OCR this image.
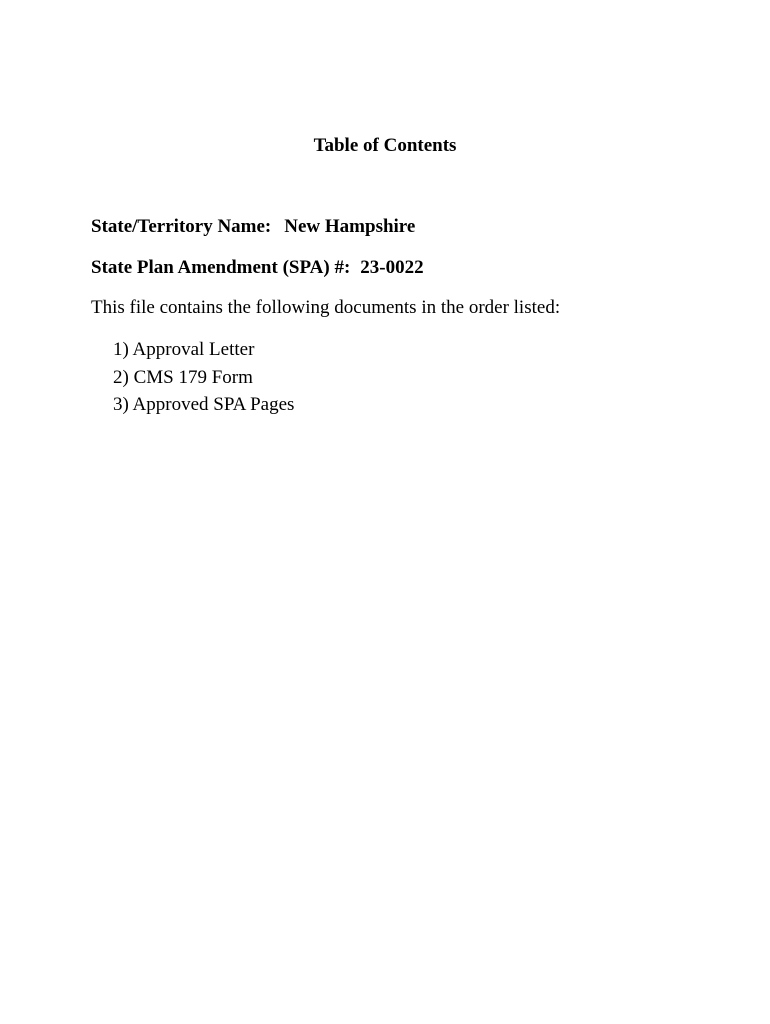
Table of Contents

State/Territory Name: New Hampshire

State Plan Amendment (SPA) #: 23-0022

This file contains the following documents in the order listed:

1) Approval Letter
2) CMS 179 Form
3) Approved SPA Pages
